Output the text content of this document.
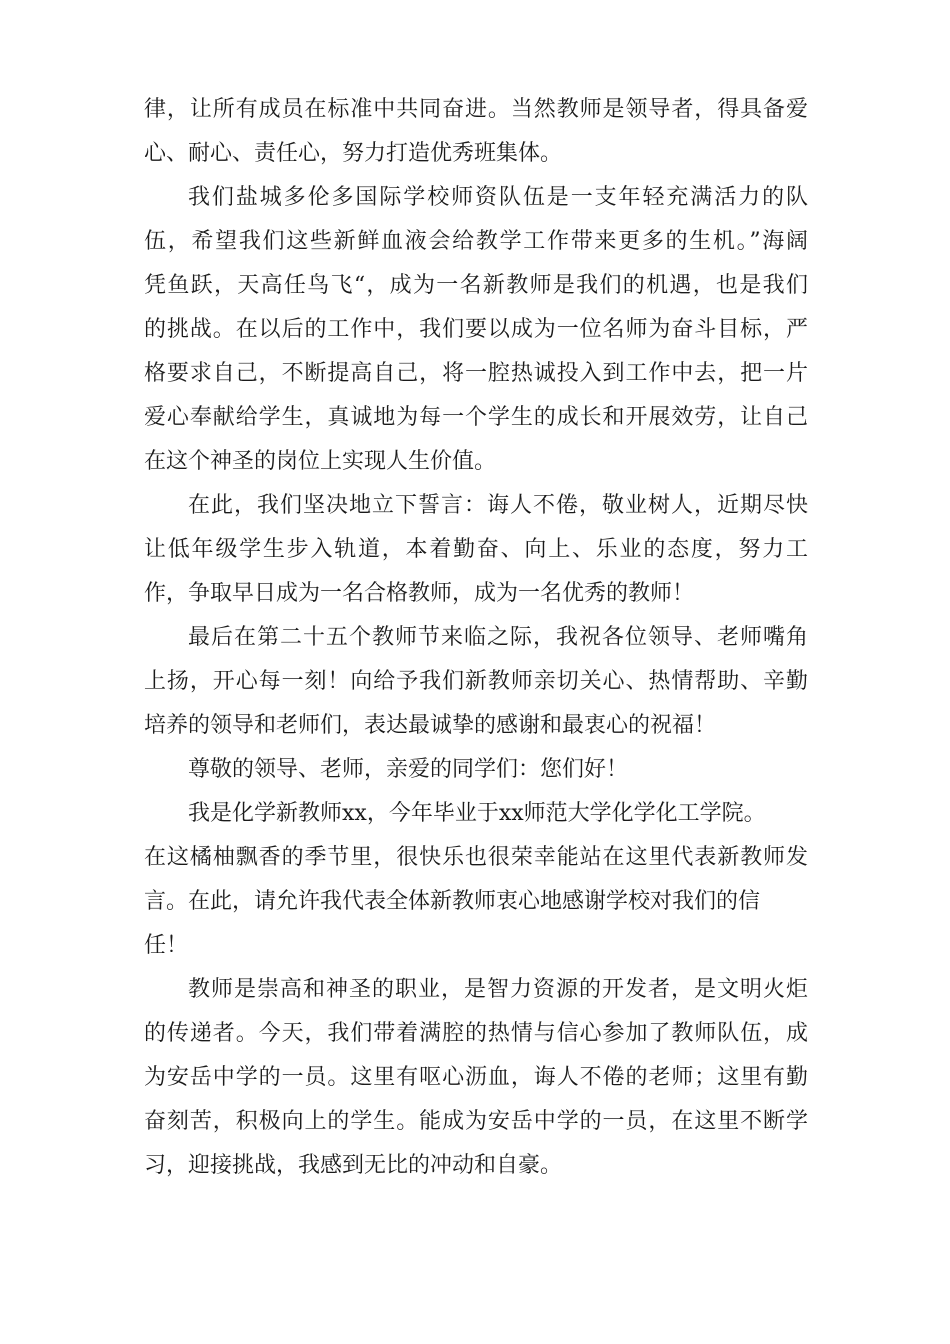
律，让所有成员在标准中共同奋进。当然教师是领导者，得具备爱
心、耐心、责任心，努力打造优秀班集体。
我们盐城多伦多国际学校师资队伍是一支年轻充满活力的队
伍，希望我们这些新鲜血液会给教学工作带来更多的生机。”海阔
凭鱼跃，天高任鸟飞“，成为一名新教师是我们的机遇，也是我们
的挑战。在以后的工作中，我们要以成为一位名师为奋斗目标，严
格要求自己，不断提高自己，将一腔热诚投入到工作中去，把一片
爱心奉献给学生，真诚地为每一个学生的成长和开展效劳，让自己
在这个神圣的岗位上实现人生价值。
在此，我们坚决地立下誓言：诲人不倦，敬业树人，近期尽快
让低年级学生步入轨道，本着勤奋、向上、乐业的态度，努力工
作，争取早日成为一名合格教师，成为一名优秀的教师！
最后在第二十五个教师节来临之际，我祝各位领导、老师嘴角
上扬，开心每一刻！向给予我们新教师亲切关心、热情帮助、辛勤
培养的领导和老师们，表达最诚挚的感谢和最衷心的祝福！
尊敬的领导、老师，亲爱的同学们：您们好！
我是化学新教师xx，今年毕业于xx师范大学化学化工学院。
在这橘柚飘香的季节里，很快乐也很荣幸能站在这里代表新教师发
言。在此，请允许我代表全体新教师衷心地感谢学校对我们的信
任！
教师是崇高和神圣的职业，是智力资源的开发者，是文明火炬
的传递者。今天，我们带着满腔的热情与信心参加了教师队伍，成
为安岳中学的一员。这里有呕心沥血，诲人不倦的老师；这里有勤
奋刻苦，积极向上的学生。能成为安岳中学的一员，在这里不断学
习，迎接挑战，我感到无比的冲动和自豪。
